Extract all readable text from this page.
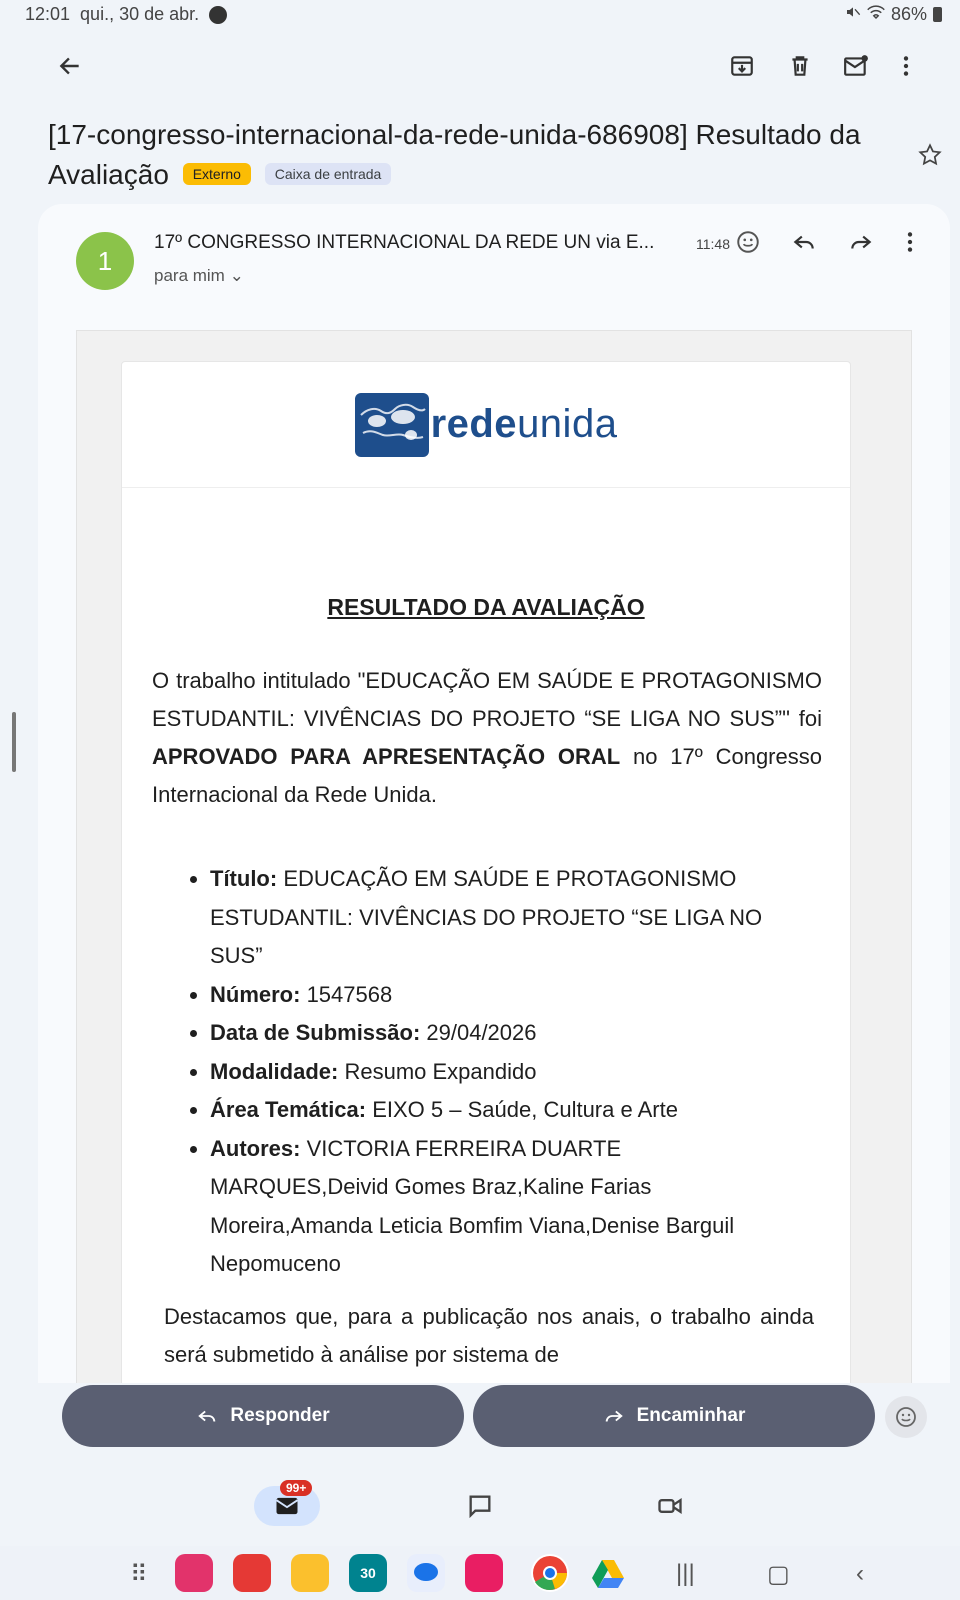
12:01 qui., 30 de abr.	86%
[17-congresso-internacional-da-rede-unida-686908] Resultado da Avaliação Externo Caixa de entrada
1
17º CONGRESSO INTERNACIONAL DA REDE UN via E...	11:48
para mim ⌄
redeunida
RESULTADO DA AVALIAÇÃO
O trabalho intitulado "EDUCAÇÃO EM SAÚDE E PROTAGONISMO ESTUDANTIL: VIVÊNCIAS DO PROJETO “SE LIGA NO SUS”" foi APROVADO PARA APRESENTAÇÃO ORAL no 17º Congresso Internacional da Rede Unida.
• Título: EDUCAÇÃO EM SAÚDE E PROTAGONISMO ESTUDANTIL: VIVÊNCIAS DO PROJETO “SE LIGA NO SUS”
• Número: 1547568
• Data de Submissão: 29/04/2026
• Modalidade: Resumo Expandido
• Área Temática: EIXO 5 – Saúde, Cultura e Arte
• Autores: VICTORIA FERREIRA DUARTE MARQUES,Deivid Gomes Braz,Kaline Farias Moreira,Amanda Leticia Bomfim Viana,Denise Barguil Nepomuceno
Destacamos que, para a publicação nos anais, o trabalho ainda será submetido à análise por sistema de
Responder	Encaminhar
99+
⠿	30	|||	▢	‹
